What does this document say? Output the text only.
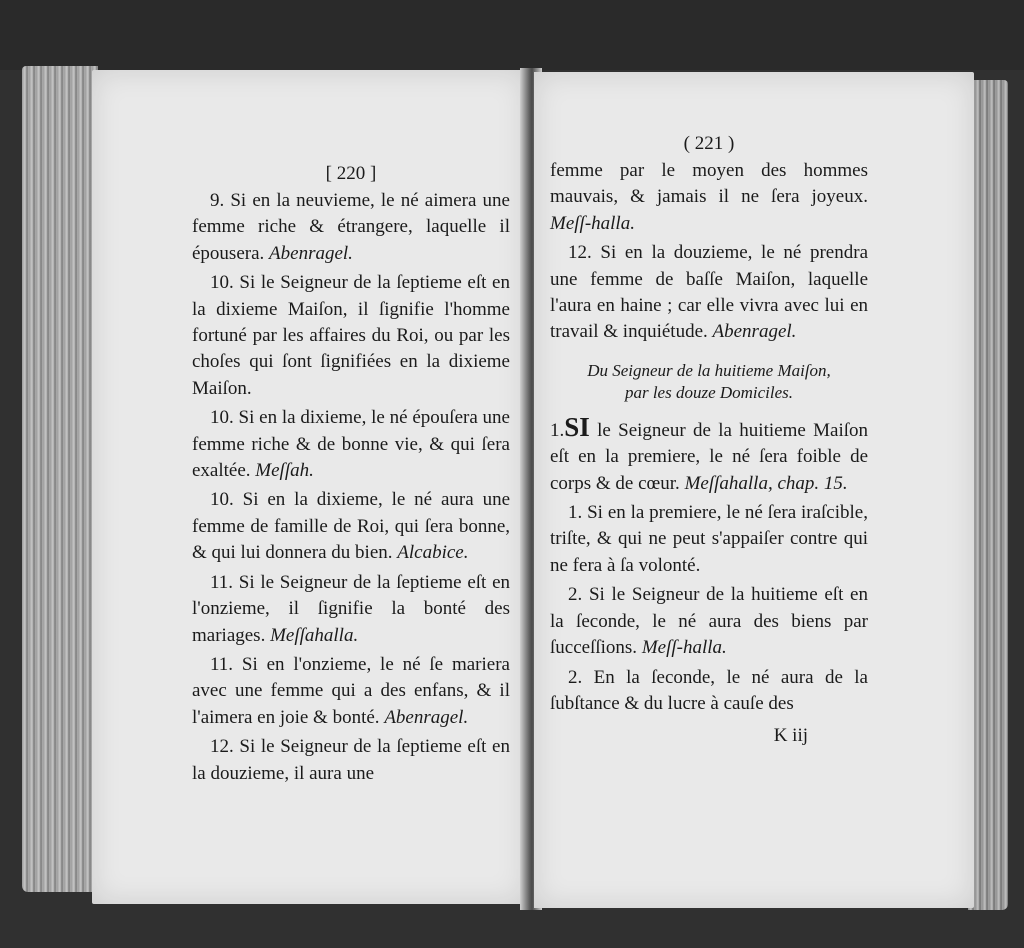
[ 220 ]

9. Si en la neuvieme, le né aimera une femme riche & étrangere, laquelle il épousera. Abenragel.

10. Si le Seigneur de la ſeptieme eſt en la dixieme Maiſon, il ſignifie l'homme fortuné par les affaires du Roi, ou par les choſes qui ſont ſignifiées en la dixieme Maiſon.

10. Si en la dixieme, le né épouſera une femme riche & de bonne vie, & qui ſera exaltée. Meſſah.

10. Si en la dixieme, le né aura une femme de famille de Roi, qui ſera bonne, & qui lui donnera du bien. Alcabice.

11. Si le Seigneur de la ſeptieme eſt en l'onzieme, il ſignifie la bonté des mariages. Meſſahalla.

11. Si en l'onzieme, le né ſe mariera avec une femme qui a des enfans, & il l'aimera en joie & bonté. Abenragel.

12. Si le Seigneur de la ſeptieme eſt en la douzieme, il aura une

( 221 )

femme par le moyen des hommes mauvais, & jamais il ne ſera joyeux. Meſſ-halla.

12. Si en la douzieme, le né prendra une femme de baſſe Maiſon, laquelle l'aura en haine ; car elle vivra avec lui en travail & inquiétude. Abenragel.

Du Seigneur de la huitieme Maiſon,
par les douze Domiciles.

1.SI le Seigneur de la huitieme Maiſon eſt en la premiere, le né ſera foible de corps & de cœur. Meſſahalla, chap. 15.

1. Si en la premiere, le né ſera iraſcible, triſte, & qui ne peut s'appaiſer contre qui ne fera à ſa volonté.

2. Si le Seigneur de la huitieme eſt en la ſeconde, le né aura des biens par ſucceſſions. Meſſ-halla.

2. En la ſeconde, le né aura de la ſubſtance & du lucre à cauſe des

K iij
